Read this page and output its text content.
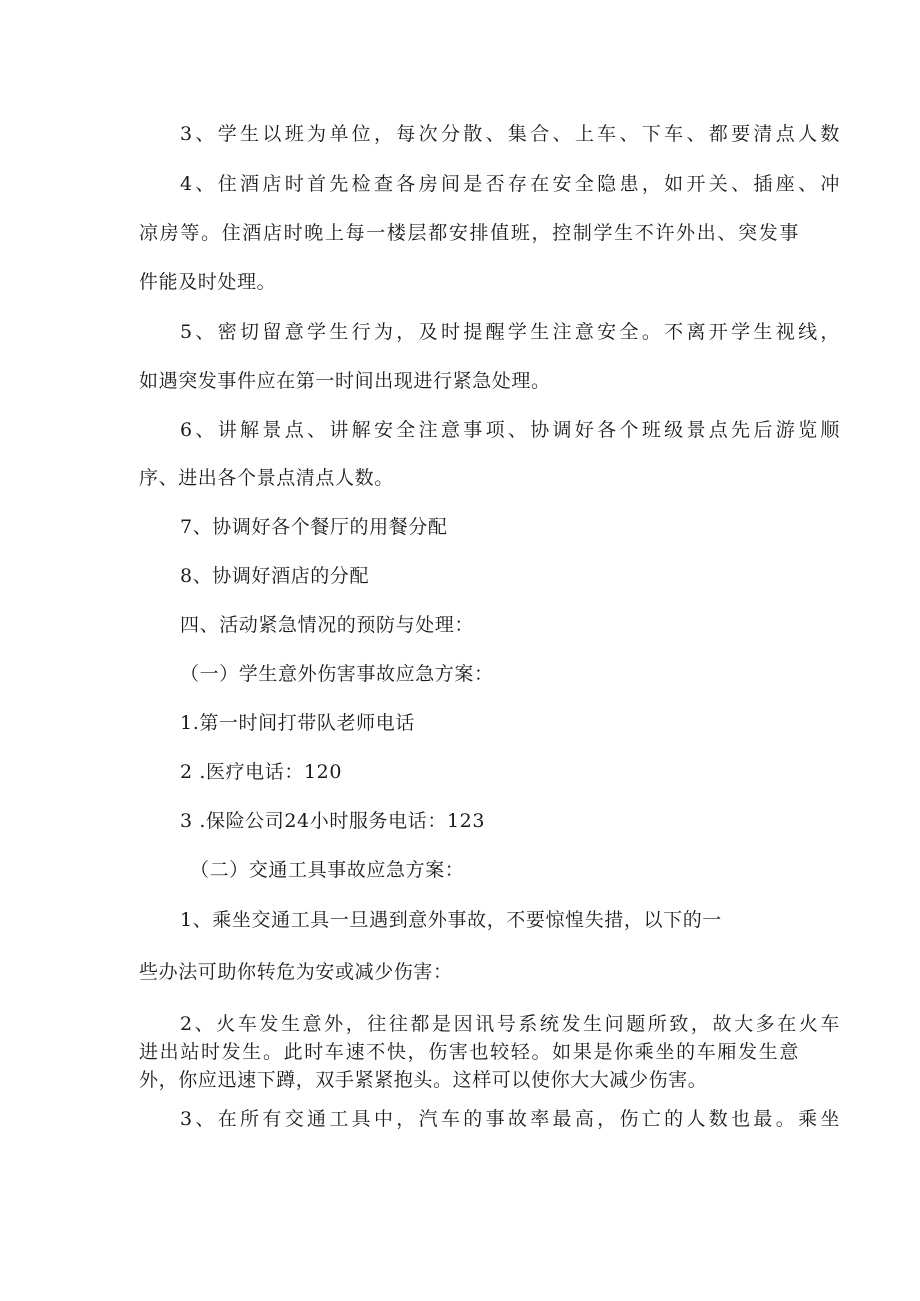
3、学生以班为单位，每次分散、集合、上车、下车、都要清点人数

4、住酒店时首先检查各房间是否存在安全隐患，如开关、插座、冲

凉房等。住酒店时晚上每一楼层都安排值班，控制学生不许外出、突发事

件能及时处理。

5、密切留意学生行为，及时提醒学生注意安全。不离开学生视线，

如遇突发事件应在第一时间出现进行紧急处理。

6、讲解景点、讲解安全注意事项、协调好各个班级景点先后游览顺

序、进出各个景点清点人数。

7、协调好各个餐厅的用餐分配

8、协调好酒店的分配

四、活动紧急情况的预防与处理：

（一）学生意外伤害事故应急方案：

1.第一时间打带队老师电话

2 .医疗电话：120

3 .保险公司24小时服务电话：123

（二）交通工具事故应急方案：

1、乘坐交通工具一旦遇到意外事故，不要惊惶失措，以下的一

些办法可助你转危为安或减少伤害：

2、火车发生意外，往往都是因讯号系统发生问题所致，故大多在火车

进出站时发生。此时车速不快，伤害也较轻。如果是你乘坐的车厢发生意

外，你应迅速下蹲，双手紧紧抱头。这样可以使你大大减少伤害。

3、在所有交通工具中，汽车的事故率最高，伤亡的人数也最。乘坐
